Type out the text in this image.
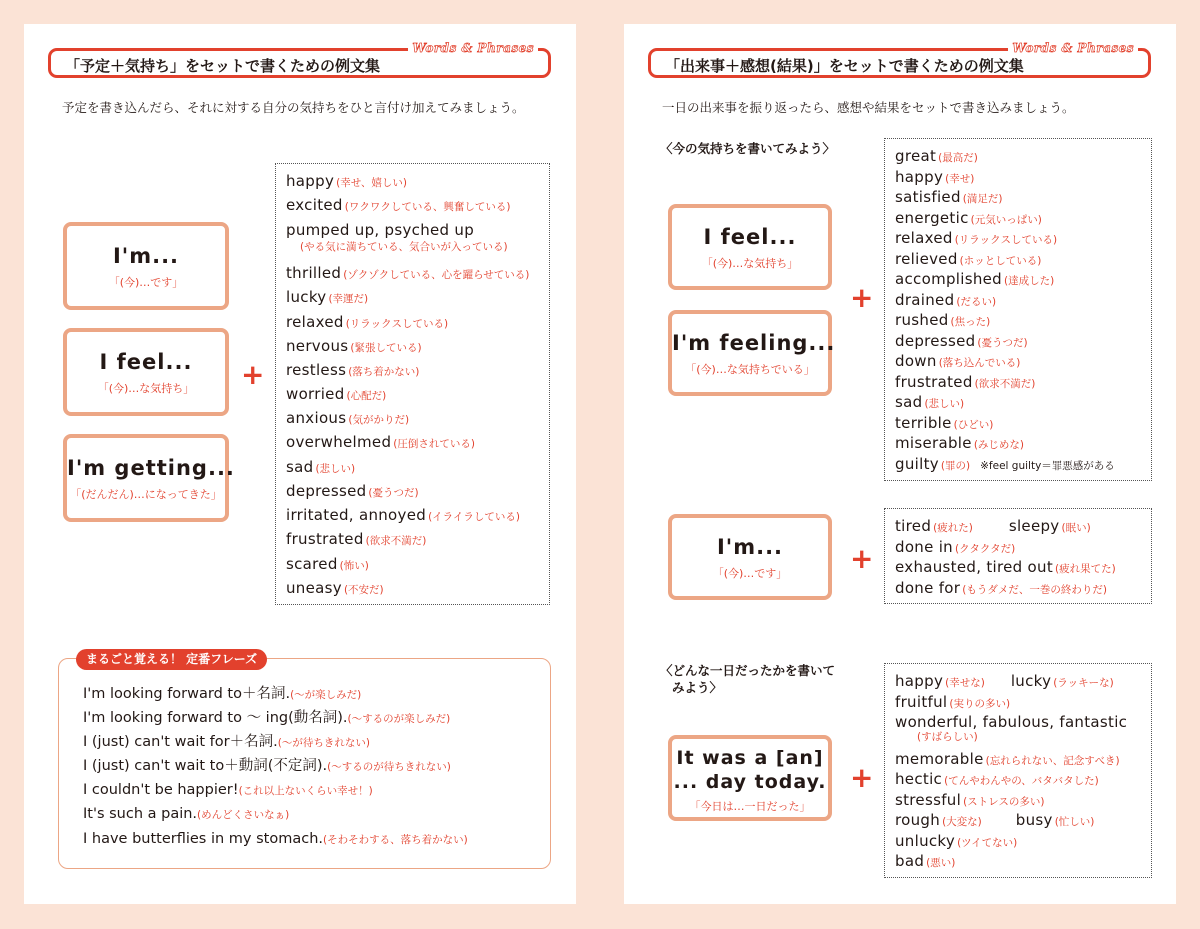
「予定＋気持ち」をセットで書くための例文集
Words & Phrases
予定を書き込んだら、それに対する自分の気持ちをひと言付け加えてみましょう。
I'm...
「(今)…です」
I feel...
「(今)…な気持ち」
I'm getting...
「(だんだん)…になってきた」
+
happy (幸せ、嬉しい)
excited (ワクワクしている、興奮している)
pumped up, psyched up
(やる気に満ちている、気合いが入っている)
thrilled (ゾクゾクしている、心を躍らせている)
lucky (幸運だ)
relaxed (リラックスしている)
nervous (緊張している)
restless (落ち着かない)
worried (心配だ)
anxious (気がかりだ)
overwhelmed (圧倒されている)
sad (悲しい)
depressed (憂うつだ)
irritated, annoyed (イライラしている)
frustrated (欲求不満だ)
scared (怖い)
uneasy (不安だ)
まるごと覚える！ 定番フレーズ
I'm looking forward to＋名詞.(〜が楽しみだ)
I'm looking forward to 〜 ing(動名詞).(〜するのが楽しみだ)
I (just) can't wait for＋名詞.(〜が待ちきれない)
I (just) can't wait to＋動詞(不定詞).(〜するのが待ちきれない)
I couldn't be happier!(これ以上ないくらい幸せ！)
It's such a pain.(めんどくさいなぁ)
I have butterflies in my stomach.(そわそわする、落ち着かない)
「出来事＋感想(結果)」をセットで書くための例文集
Words & Phrases
一日の出来事を振り返ったら、感想や結果をセットで書き込みましょう。
〈今の気持ちを書いてみよう〉
I feel...
「(今)…な気持ち」
I'm feeling...
「(今)…な気持ちでいる」
+
great (最高だ)
happy (幸せ)
satisfied (満足だ)
energetic (元気いっぱい)
relaxed (リラックスしている)
relieved (ホッとしている)
accomplished (達成した)
drained (だるい)
rushed (焦った)
depressed (憂うつだ)
down (落ち込んでいる)
frustrated (欲求不満だ)
sad (悲しい)
terrible (ひどい)
miserable (みじめな)
guilty (罪の) ※feel guilty＝罪悪感がある
I'm...
「(今)…です」	+
tired (疲れた) sleepy (眠い)
done in (クタクタだ)
exhausted, tired out (疲れ果てた)
done for (もうダメだ、一巻の終わりだ)
〈どんな一日だったかを書いて
みよう〉
It was a [an]
... day today.
「今日は…一日だった」
+
happy (幸せな) lucky (ラッキーな)
fruitful (実りの多い)
wonderful, fabulous, fantastic
(すばらしい)
memorable (忘れられない、記念すべき)
hectic (てんやわんやの、バタバタした)
stressful (ストレスの多い)
rough (大変な) busy (忙しい)
unlucky (ツイてない)
bad (悪い)
